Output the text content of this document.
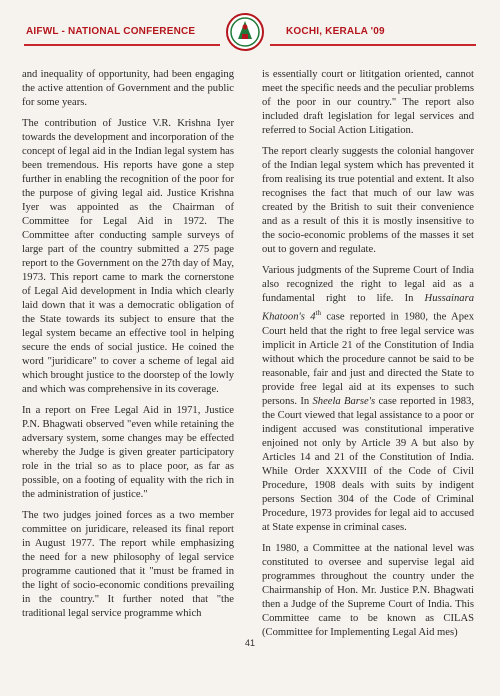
AIFWL - NATIONAL CONFERENCE	KOCHI, KERALA '09

and inequality of opportunity, had been engaging the active attention of Government and the public for some years.

The contribution of Justice V.R. Krishna Iyer towards the development and incorporation of the concept of legal aid in the Indian legal system has been tremendous. His reports have gone a step further in enabling the recognition of the poor for the purpose of giving legal aid. Justice Krishna Iyer was appointed as the Chairman of Committee for Legal Aid in 1972. The Committee after conducting sample surveys of large part of the country submitted a 275 page report to the Government on the 27th day of May, 1973. This report came to mark the cornerstone of Legal Aid development in India which clearly laid down that it was a democratic obligation of the State towards its subject to ensure that the legal system became an effective tool in helping secure the ends of social justice. He coined the word "juridicare" to cover a scheme of legal aid which brought justice to the doorstep of the lowly and which was comprehensive in its coverage.

In a report on Free Legal Aid in 1971, Justice P.N. Bhagwati observed "even while retaining the adversary system, some changes may be effected whereby the Judge is given greater participatory role in the trial so as to place poor, as far as possible, on a footing of equality with the rich in the administration of justice."

The two judges joined forces as a two member committee on juridicare, released its final report in August 1977. The report while emphasizing the need for a new philosophy of legal service programme cautioned that it "must be framed in the light of socio-economic conditions prevailing in the country." It further noted that "the traditional legal service programme which

is essentially court or lititgation oriented, cannot meet the specific needs and the peculiar problems of the poor in our country." The report also included draft legislation for legal services and referred to Social Action Litigation.

The report clearly suggests the colonial hangover of the Indian legal system which has prevented it from realising its true potential and extent. It also recognises the fact that much of our law was created by the British to suit their convenience and as a result of this it is mostly insensitive to the socio-economic problems of the masses it set out to govern and regulate.

Various judgments of the Supreme Court of India also recognized the right to legal aid as a fundamental right to life. In Hussainara Khatoon's 4th case reported in 1980, the Apex Court held that the right to free legal service was implicit in Article 21 of the Constitution of India without which the procedure cannot be said to be reasonable, fair and just and directed the State to provide free legal aid at its expenses to such persons. In Sheela Barse's case reported in 1983, the Court viewed that legal assistance to a poor or indigent accused was constitutional imperative enjoined not only by Article 39 A but also by Articles 14 and 21 of the Constitution of India. While Order XXXVIII of the Code of Civil Procedure, 1908 deals with suits by indigent persons Section 304 of the Code of Criminal Procedure, 1973 provides for legal aid to accused at State expense in criminal cases.

In 1980, a Committee at the national level was constituted to oversee and supervise legal aid programmes throughout the country under the Chairmanship of Hon. Mr. Justice P.N. Bhagwati then a Judge of the Supreme Court of India. This Committee came to be known as CILAS (Committee for Implementing Legal Aid mes)

41
